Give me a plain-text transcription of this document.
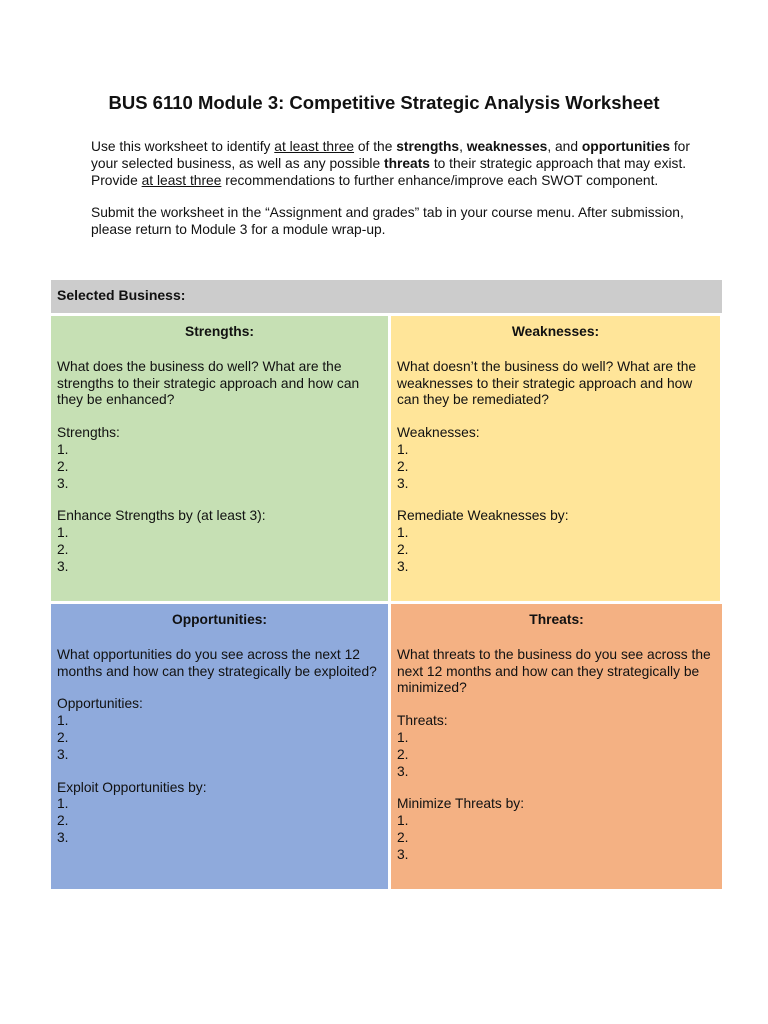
BUS 6110 Module 3: Competitive Strategic Analysis Worksheet

Use this worksheet to identify at least three of the strengths, weaknesses, and opportunities for your selected business, as well as any possible threats to their strategic approach that may exist. Provide at least three recommendations to further enhance/improve each SWOT component.

Submit the worksheet in the “Assignment and grades” tab in your course menu. After submission, please return to Module 3 for a module wrap-up.

Selected Business:
Strengths:
What does the business do well? What are the strengths to their strategic approach and how can they be enhanced?
Strengths:
1.
2.
3.
Enhance Strengths by (at least 3):
1.
2.
3.
Weaknesses:
What doesn’t the business do well? What are the weaknesses to their strategic approach and how can they be remediated?
Weaknesses:
1.
2.
3.
Remediate Weaknesses by:
1.
2.
3.
Opportunities:
What opportunities do you see across the next 12 months and how can they strategically be exploited?
Opportunities:
1.
2.
3.
Exploit Opportunities by:
1.
2.
3.
Threats:
What threats to the business do you see across the next 12 months and how can they strategically be minimized?
Threats:
1.
2.
3.
Minimize Threats by:
1.
2.
3.
